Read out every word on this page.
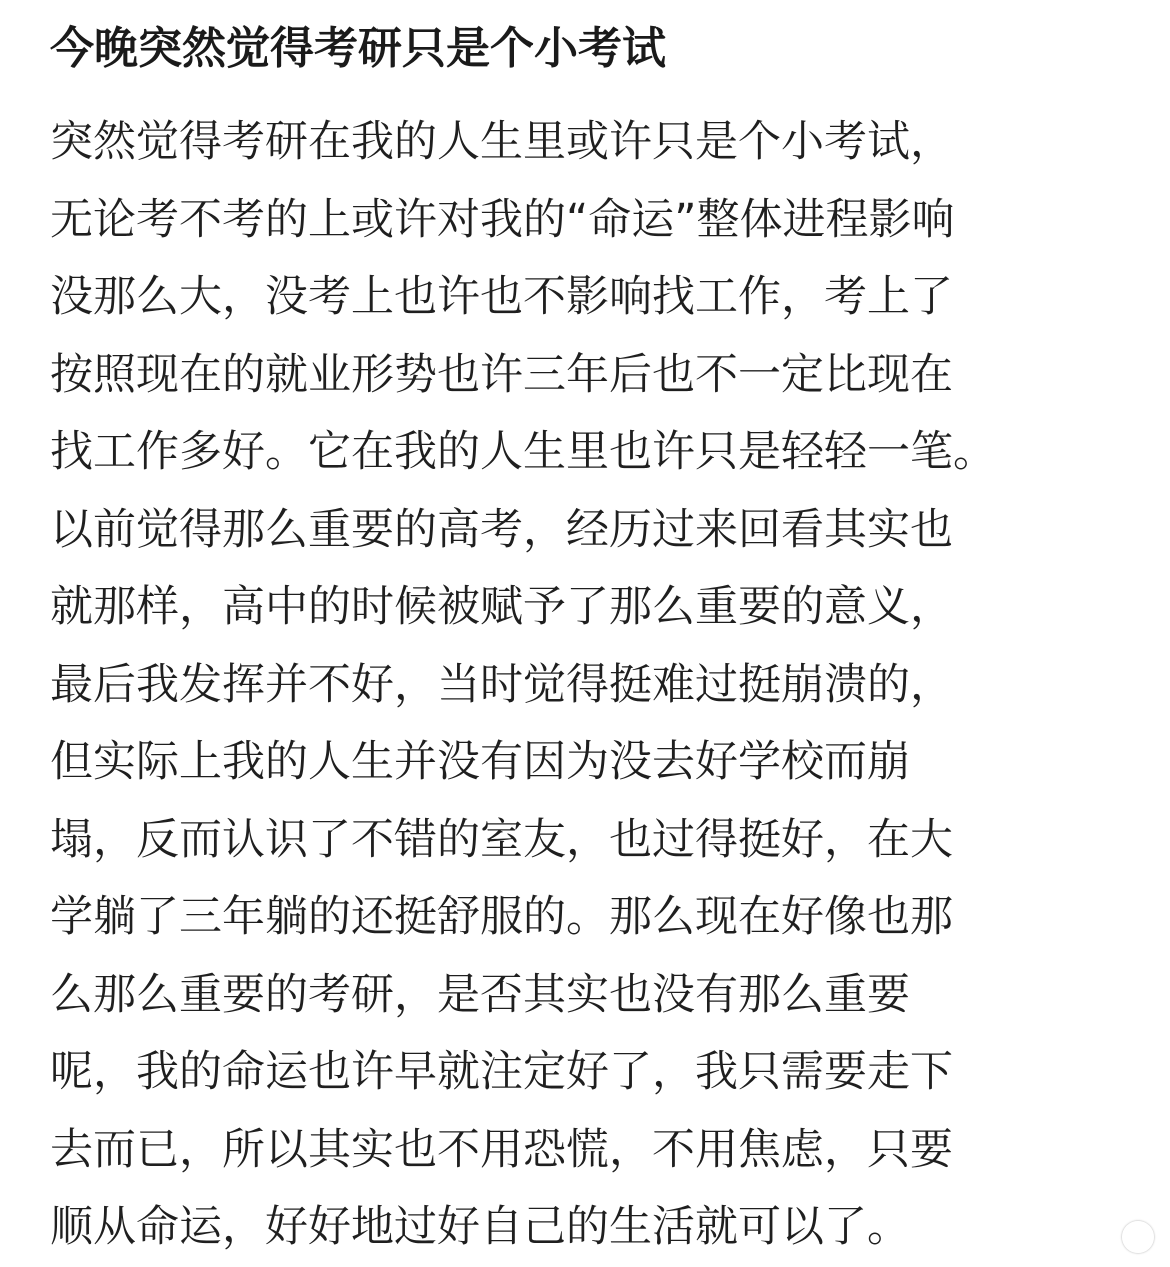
今晚突然觉得考研只是个小考试
突然觉得考研在我的人生里或许只是个小考试，
无论考不考的上或许对我的“命运”整体进程影响
没那么大，没考上也许也不影响找工作，考上了
按照现在的就业形势也许三年后也不一定比现在
找工作多好。它在我的人生里也许只是轻轻一笔。
以前觉得那么重要的高考，经历过来回看其实也
就那样，高中的时候被赋予了那么重要的意义，
最后我发挥并不好，当时觉得挺难过挺崩溃的，
但实际上我的人生并没有因为没去好学校而崩
塌，反而认识了不错的室友，也过得挺好，在大
学躺了三年躺的还挺舒服的。那么现在好像也那
么那么重要的考研，是否其实也没有那么重要
呢，我的命运也许早就注定好了，我只需要走下
去而已，所以其实也不用恐慌，不用焦虑，只要
顺从命运，好好地过好自己的生活就可以了。
